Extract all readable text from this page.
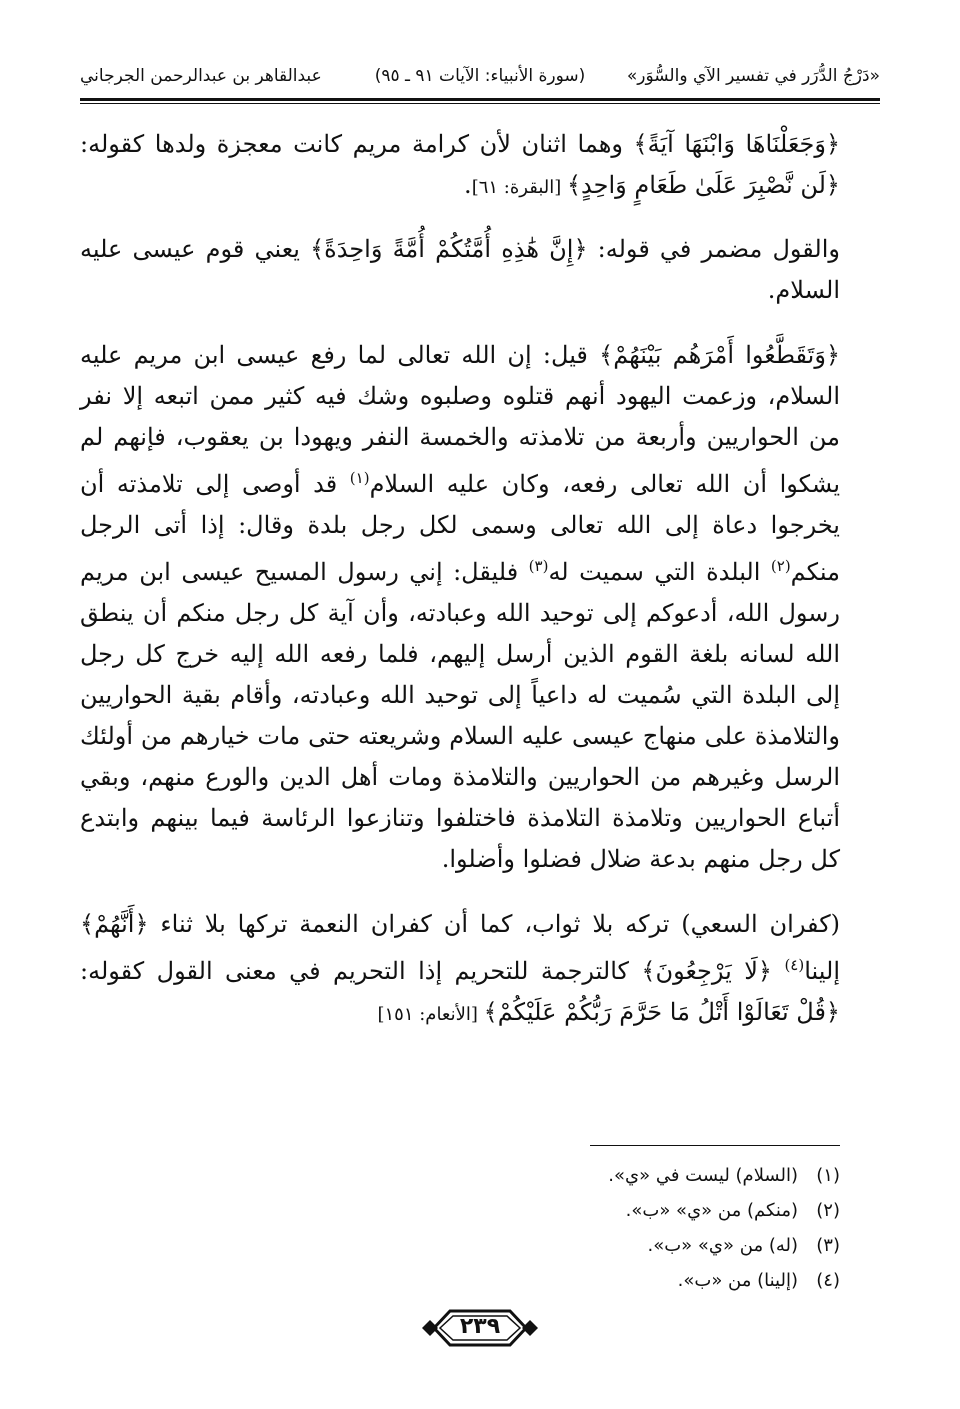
«دَرْجُ الدُّرَر في تفسير الآي والسُّوَر»
(سورة الأنبياء: الآيات ٩١ ـ ٩٥)
عبدالقاهر بن عبدالرحمن الجرجاني

﴿وَجَعَلْنَاهَا وَابْنَهَا آيَةً﴾ وهما اثنان لأن كرامة مريم كانت معجزة ولدها كقوله: ﴿لَن نَّصْبِرَ عَلَىٰ طَعَامٍ وَاحِدٍ﴾ [البقرة: ٦١].

والقول مضمر في قوله: ﴿إِنَّ هَٰذِهِ أُمَّتُكُمْ أُمَّةً وَاحِدَةً﴾ يعني قوم عيسى عليه السلام.

﴿وَتَقَطَّعُوا أَمْرَهُم بَيْنَهُمْ﴾ قيل: إن الله تعالى لما رفع عيسى ابن مريم عليه السلام، وزعمت اليهود أنهم قتلوه وصلبوه وشك فيه كثير ممن اتبعه إلا نفر من الحواريين وأربعة من تلامذته والخمسة النفر ويهودا بن يعقوب، فإنهم لم يشكوا أن الله تعالى رفعه، وكان عليه السلام$^{(١)}$ قد أوصى إلى تلامذته أن يخرجوا دعاة إلى الله تعالى وسمى لكل رجل بلدة وقال: إذا أتى الرجل منكم$^{(٢)}$ البلدة التي سميت له$^{(٣)}$ فليقل: إني رسول المسيح عيسى ابن مريم رسول الله، أدعوكم إلى توحيد الله وعبادته، وأن آية كل رجل منكم أن ينطق الله لسانه بلغة القوم الذين أرسل إليهم، فلما رفعه الله إليه خرج كل رجل إلى البلدة التي سُميت له داعياً إلى توحيد الله وعبادته، وأقام بقية الحواريين والتلامذة على منهاج عيسى عليه السلام وشريعته حتى مات خيارهم من أولئك الرسل وغيرهم من الحواريين والتلامذة ومات أهل الدين والورع منهم، وبقي أتباع الحواريين وتلامذة التلامذة فاختلفوا وتنازعوا الرئاسة فيما بينهم وابتدع كل رجل منهم بدعة ضلال فضلوا وأضلوا.

(كفران السعي) تركه بلا ثواب، كما أن كفران النعمة تركها بلا ثناء ﴿أَنَّهُمْ﴾ إلينا$^{(٤)}$ ﴿لَا يَرْجِعُونَ﴾ كالترجمة للتحريم إذا التحريم في معنى القول كقوله: ﴿قُلْ تَعَالَوْا أَتْلُ مَا حَرَّمَ رَبُّكُمْ عَلَيْكُمْ﴾ [الأنعام: ١٥١]

(١)(السلام) ليست في «ي».
(٢)(منكم) من «ي» «ب».
(٣)(له) من «ي» «ب».
(٤)(إلينا) من «ب».
٢٣٩
